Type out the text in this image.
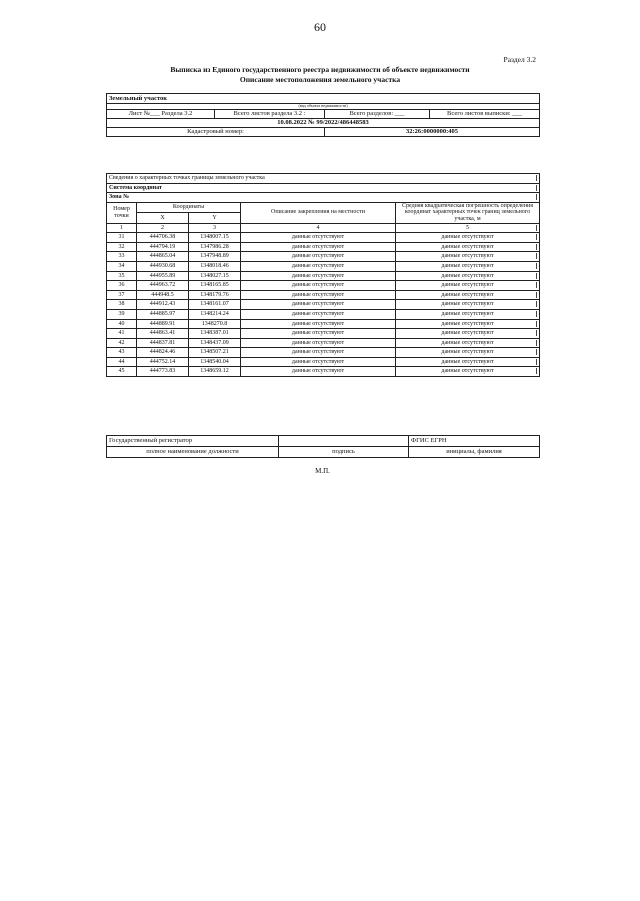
60
Раздел 3.2
Выписка из Единого государственного реестра недвижимости об объекте недвижимости
Описание местоположения земельного участка
Земельный участок			
(вид объекта недвижимости)			
Лист №___ Раздела 3.2	Всего листов раздела 3.2 :	Всего разделов: ___	Всего листов выписки: ___
10.08.2022 № 99/2022/486448583			
Кадастровый номер:		32:26:0000000:405	
Сведения о характерных точках границы земельного участка				
Система координат				
Зона №				
Номер точки	Координаты		Описание закрепления на местности	Средняя квадратическая погрешность определения координат характерных точек границ земельного участка, м
	X	Y		
1	2	3	4	5
31	444706.38	1348007.15	данные отсутствуют	данные отсутствуют
32	444794.19	1347986.28	данные отсутствуют	данные отсутствуют
33	444865.04	1347948.89	данные отсутствуют	данные отсутствуют
34	444930.68	1348018.46	данные отсутствуют	данные отсутствуют
35	444955.89	1348027.15	данные отсутствуют	данные отсутствуют
36	444963.72	1348165.85	данные отсутствуют	данные отсутствуют
37	444948.5	1348179.76	данные отсутствуют	данные отсутствуют
38	444912.43	1348161.07	данные отсутствуют	данные отсутствуют
39	444885.97	1348214.24	данные отсутствуют	данные отсутствуют
40	444889.91	1348270.8	данные отсутствуют	данные отсутствуют
41	444863.41	1348387.01	данные отсутствуют	данные отсутствуют
42	444837.81	1348437.09	данные отсутствуют	данные отсутствуют
43	444824.46	1348507.21	данные отсутствуют	данные отсутствуют
44	444752.14	1348540.04	данные отсутствуют	данные отсутствуют
45	444773.83	1348659.12	данные отсутствуют	данные отсутствуют
Государственный регистратор		ФГИС ЕГРН
полное наименование должности	подпись	инициалы, фамилия
М.П.
